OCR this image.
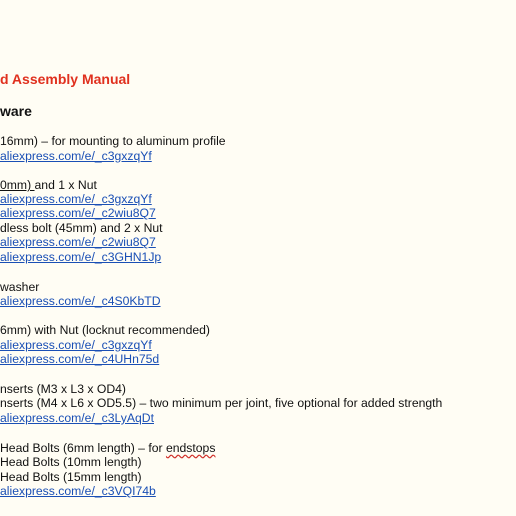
d Assembly Manual
ware
16mm) – for mounting to aluminum profile
aliexpress.com/e/_c3gxzqYf
0mm) and 1 x Nut
aliexpress.com/e/_c3gxzqYf
aliexpress.com/e/_c2wiu8Q7
dless bolt (45mm) and 2 x Nut
aliexpress.com/e/_c2wiu8Q7
aliexpress.com/e/_c3GHN1Jp
washer
aliexpress.com/e/_c4S0KbTD
6mm) with Nut (locknut recommended)
aliexpress.com/e/_c3gxzqYf
aliexpress.com/e/_c4UHn75d
nserts (M3 x L3 x OD4)
nserts (M4 x L6 x OD5.5) – two minimum per joint, five optional for added strength
aliexpress.com/e/_c3LyAqDt
Head Bolts (6mm length) – for endstops
Head Bolts (10mm length)
Head Bolts (15mm length)
aliexpress.com/e/_c3VQI74b
